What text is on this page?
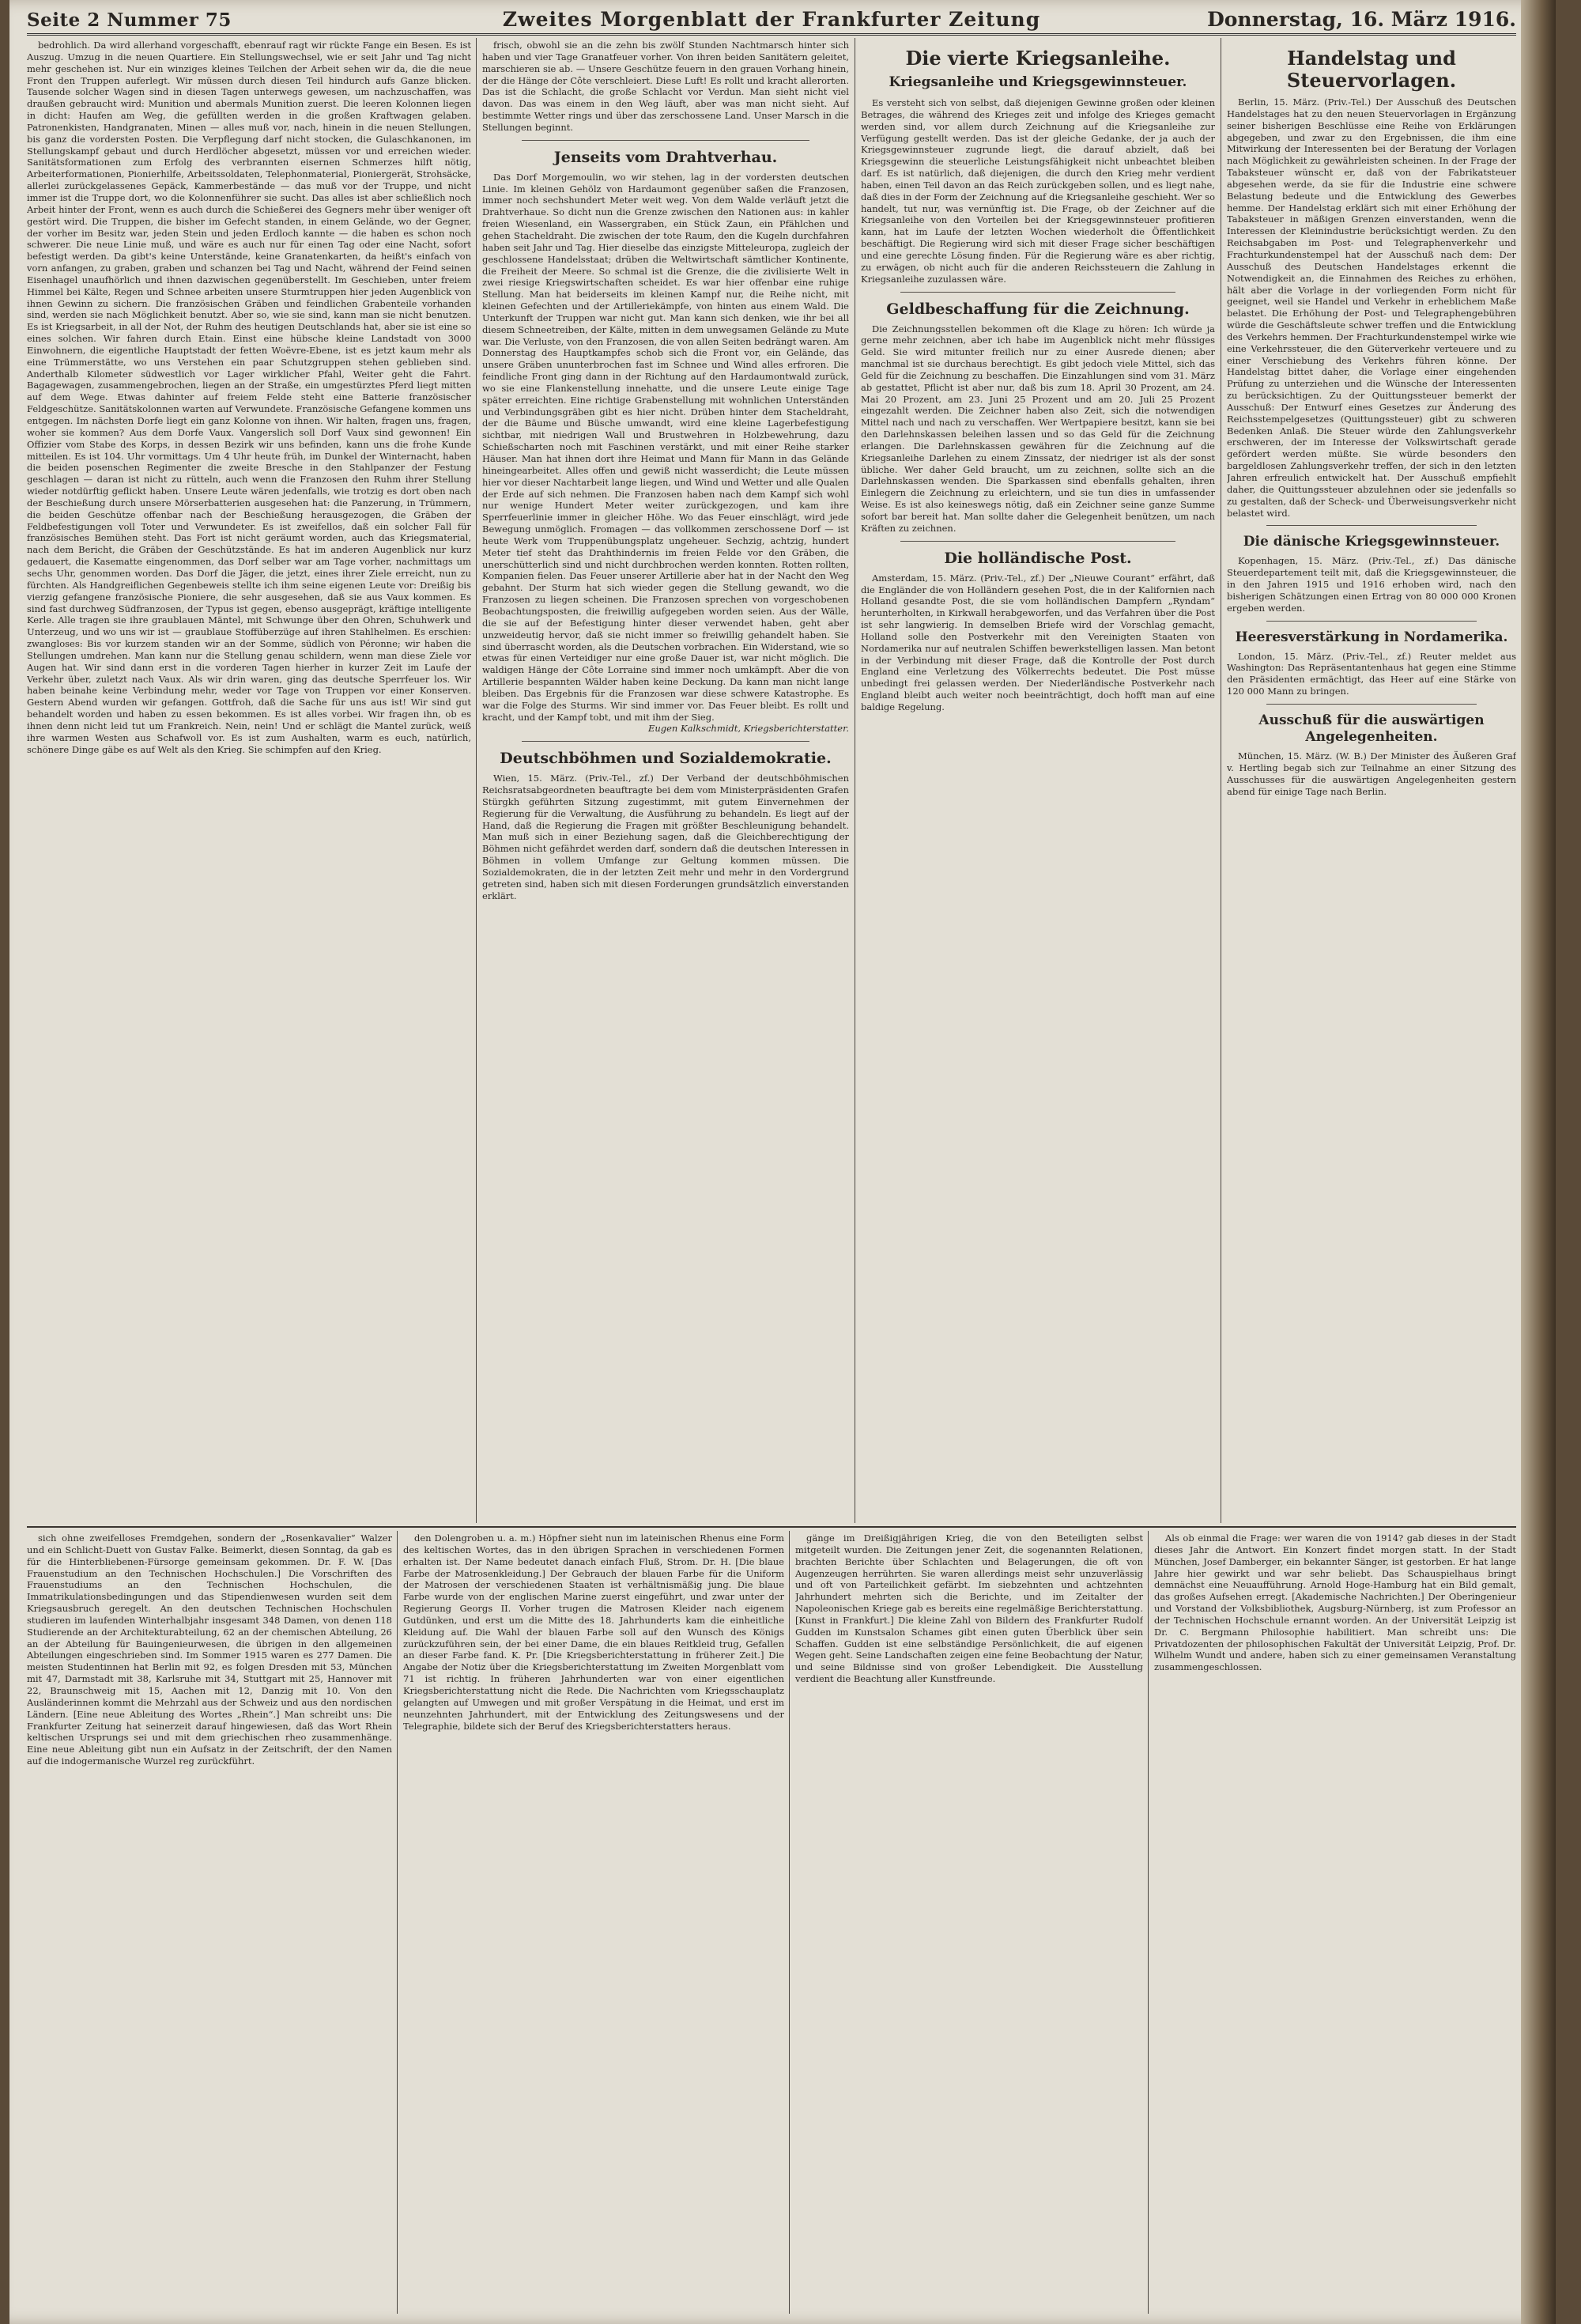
Seite 2 Nummer 75	Zweites Morgenblatt der Frankfurter Zeitung	Donnerstag, 16. März 1916.

bedrohlich. Da wird allerhand vorgeschafft, ebenrauf ragt wir rückte Fange ein Besen. Es ist Auszug. Umzug in die neuen Quartiere. Ein Stellungswechsel, wie er seit Jahr und Tag nicht mehr geschehen ist. Nur ein winziges kleines Teilchen der Arbeit sehen wir da, die die neue Front den Truppen auferlegt. Wir müssen durch diesen Teil hindurch aufs Ganze blicken. Tausende solcher Wagen sind in diesen Tagen unterwegs gewesen, um nachzuschaffen, was draußen gebraucht wird: Munition und abermals Munition zuerst. Die leeren Kolonnen liegen in dicht: Haufen am Weg, die gefüllten werden in die großen Kraftwagen gelaben. Patronenkisten, Handgranaten, Minen — alles muß vor, nach, hinein in die neuen Stellungen, bis ganz die vordersten Posten. Die Verpflegung darf nicht stocken, die Gulaschkanonen, im Stellungskampf gebaut und durch Herdlöcher abgesetzt, müssen vor und erreichen wieder. Sanitätsformationen zum Erfolg des verbrannten eisernen Schmerzes hilft nötig, Arbeiterformationen, Pionierhilfe, Arbeitssoldaten, Telephonmaterial, Pioniergerät, Strohsäcke, allerlei zurückgelassenes Gepäck, Kammerbestände — das muß vor der Truppe, und nicht immer ist die Truppe dort, wo die Kolonnenführer sie sucht. Das alles ist aber schließlich noch Arbeit hinter der Front, wenn es auch durch die Schießerei des Gegners mehr über weniger oft gestört wird. Die Truppen, die bisher im Gefecht standen, in einem Gelände, wo der Gegner, der vorher im Besitz war, jeden Stein und jeden Erdloch kannte — die haben es schon noch schwerer. Die neue Linie muß, und wäre es auch nur für einen Tag oder eine Nacht, sofort befestigt werden. Da gibt's keine Unterstände, keine Granatenkarten, da heißt's einfach von vorn anfangen, zu graben, graben und schanzen bei Tag und Nacht, während der Feind seinen Eisenhagel unaufhörlich und ihnen dazwischen gegenüberstellt. Im Geschieben, unter freiem Himmel bei Kälte, Regen und Schnee arbeiten unsere Sturmtruppen hier jeden Augenblick von ihnen Gewinn zu sichern. Die französischen Gräben und feindlichen Grabenteile vorhanden sind, werden sie nach Möglichkeit benutzt. Aber so, wie sie sind, kann man sie nicht benutzen. Es ist Kriegsarbeit, in all der Not, der Ruhm des heutigen Deutschlands hat, aber sie ist eine so eines solchen. Wir fahren durch Etain. Einst eine hübsche kleine Landstadt von 3000 Einwohnern, die eigentliche Hauptstadt der fetten Woëvre-Ebene, ist es jetzt kaum mehr als eine Trümmerstätte, wo uns Verstehen ein paar Schutzgruppen stehen geblieben sind. Anderthalb Kilometer südwestlich vor Lager wirklicher Pfahl, Weiter geht die Fahrt. Bagagewagen, zusammengebrochen, liegen an der Straße, ein umgestürztes Pferd liegt mitten auf dem Wege. Etwas dahinter auf freiem Felde steht eine Batterie französischer Feldgeschütze. Sanitätskolonnen warten auf Verwundete. Französische Gefangene kommen uns entgegen. Im nächsten Dorfe liegt ein ganz Kolonne von ihnen. Wir halten, fragen uns, fragen, woher sie kommen? Aus dem Dorfe Vaux. Vangerslich soll Dorf Vaux sind gewonnen! Ein Offizier vom Stabe des Korps, in dessen Bezirk wir uns befinden, kann uns die frohe Kunde mitteilen. Es ist 104. Uhr vormittags. Um 4 Uhr heute früh, im Dunkel der Winternacht, haben die beiden posenschen Regimenter die zweite Bresche in den Stahlpanzer der Festung geschlagen — daran ist nicht zu rütteln, auch wenn die Franzosen den Ruhm ihrer Stellung wieder notdürftig geflickt haben. Unsere Leute wären jedenfalls, wie trotzig es dort oben nach der Beschießung durch unsere Mörserbatterien ausgesehen hat: die Panzerung, in Trümmern, die beiden Geschütze offenbar nach der Beschießung herausgezogen, die Gräben der Feldbefestigungen voll Toter und Verwundeter. Es ist zweifellos, daß ein solcher Fall für französisches Bemühen steht. Das Fort ist nicht geräumt worden, auch das Kriegsmaterial, nach dem Bericht, die Gräben der Geschützstände. Es hat im anderen Augenblick nur kurz gedauert, die Kasematte eingenommen, das Dorf selber war am Tage vorher, nachmittags um sechs Uhr, genommen worden. Das Dorf die Jäger, die jetzt, eines ihrer Ziele erreicht, nun zu fürchten. Als Handgreiflichen Gegenbeweis stellte ich ihm seine eigenen Leute vor: Dreißig bis vierzig gefangene französische Pioniere, die sehr ausgesehen, daß sie aus Vaux kommen. Es sind fast durchweg Südfranzosen, der Typus ist gegen, ebenso ausgeprägt, kräftige intelligente Kerle. Alle tragen sie ihre graublauen Mäntel, mit Schwunge über den Ohren, Schuhwerk und Unterzeug, und wo uns wir ist — graublaue Stoffüberzüge auf ihren Stahlhelmen. Es erschien: zwangloses: Bis vor kurzem standen wir an der Somme, südlich von Péronne; wir haben die Stellungen umdrehen. Man kann nur die Stellung genau schildern, wenn man diese Ziele vor Augen hat. Wir sind dann erst in die vorderen Tagen hierher in kurzer Zeit im Laufe der Verkehr über, zuletzt nach Vaux. Als wir drin waren, ging das deutsche Sperrfeuer los. Wir haben beinahe keine Verbindung mehr, weder vor Tage von Truppen vor einer Konserven. Gestern Abend wurden wir gefangen. Gottfroh, daß die Sache für uns aus ist! Wir sind gut behandelt worden und haben zu essen bekommen. Es ist alles vorbei. Wir fragen ihn, ob es ihnen denn nicht leid tut um Frankreich. Nein, nein! Und er schlägt die Mantel zurück, weiß ihre warmen Westen aus Schafwoll vor. Es ist zum Aushalten, warm es euch, natürlich, schönere Dinge gäbe es auf Welt als den Krieg. Sie schimpfen auf den Krieg.

frisch, obwohl sie an die zehn bis zwölf Stunden Nachtmarsch hinter sich haben und vier Tage Granatfeuer vorher. Von ihren beiden Sanitätern geleitet, marschieren sie ab. — Unsere Geschütze feuern in den grauen Vorhang hinein, der die Hänge der Côte verschleiert. Diese Luft! Es rollt und kracht allerorten. Das ist die Schlacht, die große Schlacht vor Verdun. Man sieht nicht viel davon. Das was einem in den Weg läuft, aber was man nicht sieht. Auf bestimmte Wetter rings und über das zerschossene Land. Unser Marsch in die Stellungen beginnt.

Jenseits vom Drahtverhau.

Das Dorf Morgemoulin, wo wir stehen, lag in der vordersten deutschen Linie. Im kleinen Gehölz von Hardaumont gegenüber saßen die Franzosen, immer noch sechshundert Meter weit weg. Von dem Walde verläuft jetzt die Drahtverhaue. So dicht nun die Grenze zwischen den Nationen aus: in kahler freien Wiesenland, ein Wassergraben, ein Stück Zaun, ein Pfählchen und gehen Stacheldraht. Die zwischen der tote Raum, den die Kugeln durchfahren haben seit Jahr und Tag. Hier dieselbe das einzigste Mitteleuropa, zugleich der geschlossene Handelsstaat; drüben die Weltwirtschaft sämtlicher Kontinente, die Freiheit der Meere. So schmal ist die Grenze, die die zivilisierte Welt in zwei riesige Kriegswirtschaften scheidet. Es war hier offenbar eine ruhige Stellung. Man hat beiderseits im kleinen Kampf nur, die Reihe nicht, mit kleinen Gefechten und der Artilleriekämpfe, von hinten aus einem Wald. Die Unterkunft der Truppen war nicht gut. Man kann sich denken, wie ihr bei all diesem Schneetreiben, der Kälte, mitten in dem unwegsamen Gelände zu Mute war. Die Verluste, von den Franzosen, die von allen Seiten bedrängt waren. Am Donnerstag des Hauptkampfes schob sich die Front vor, ein Gelände, das unsere Gräben ununterbrochen fast im Schnee und Wind alles erfroren. Die feindliche Front ging dann in der Richtung auf den Hardaumontwald zurück, wo sie eine Flankenstellung innehatte, und die unsere Leute einige Tage später erreichten. Eine richtige Grabenstellung mit wohnlichen Unterständen und Verbindungsgräben gibt es hier nicht. Drüben hinter dem Stacheldraht, der die Bäume und Büsche umwandt, wird eine kleine Lagerbefestigung sichtbar, mit niedrigen Wall und Brustwehren in Holzbewehrung, dazu Schießscharten noch mit Faschinen verstärkt, und mit einer Reihe starker Häuser. Man hat ihnen dort ihre Heimat und Mann für Mann in das Gelände hineingearbeitet. Alles offen und gewiß nicht wasserdicht; die Leute müssen hier vor dieser Nachtarbeit lange liegen, und Wind und Wetter und alle Qualen der Erde auf sich nehmen. Die Franzosen haben nach dem Kampf sich wohl nur wenige Hundert Meter weiter zurückgezogen, und kam ihre Sperrfeuerlinie immer in gleicher Höhe. Wo das Feuer einschlägt, wird jede Bewegung unmöglich. Fromagen — das vollkommen zerschossene Dorf — ist heute Werk vom Truppenübungsplatz ungeheuer. Sechzig, achtzig, hundert Meter tief steht das Drahthindernis im freien Felde vor den Gräben, die unerschütterlich sind und nicht durchbrochen werden konnten. Rotten rollten, Kompanien fielen. Das Feuer unserer Artillerie aber hat in der Nacht den Weg gebahnt. Der Sturm hat sich wieder gegen die Stellung gewandt, wo die Franzosen zu liegen scheinen. Die Franzosen sprechen von vorgeschobenen Beobachtungsposten, die freiwillig aufgegeben worden seien. Aus der Wälle, die sie auf der Befestigung hinter dieser verwendet haben, geht aber unzweideutig hervor, daß sie nicht immer so freiwillig gehandelt haben. Sie sind überrascht worden, als die Deutschen vorbrachen. Ein Widerstand, wie so etwas für einen Verteidiger nur eine große Dauer ist, war nicht möglich. Die waldigen Hänge der Côte Lorraine sind immer noch umkämpft. Aber die von Artillerie bespannten Wälder haben keine Deckung. Da kann man nicht lange bleiben. Das Ergebnis für die Franzosen war diese schwere Katastrophe. Es war die Folge des Sturms. Wir sind immer vor. Das Feuer bleibt. Es rollt und kracht, und der Kampf tobt, und mit ihm der Sieg.

Eugen Kalkschmidt, Kriegsberichterstatter.

Deutschböhmen und Sozialdemokratie.

Wien, 15. März. (Priv.-Tel., zf.) Der Verband der deutschböhmischen Reichsratsabgeordneten beauftragte bei dem vom Ministerpräsidenten Grafen Stürgkh geführten Sitzung zugestimmt, mit gutem Einvernehmen der Regierung für die Verwaltung, die Ausführung zu behandeln. Es liegt auf der Hand, daß die Regierung die Fragen mit größter Beschleunigung behandelt. Man muß sich in einer Beziehung sagen, daß die Gleichberechtigung der Böhmen nicht gefährdet werden darf, sondern daß die deutschen Interessen in Böhmen in vollem Umfange zur Geltung kommen müssen. Die Sozialdemokraten, die in der letzten Zeit mehr und mehr in den Vordergrund getreten sind, haben sich mit diesen Forderungen grundsätzlich einverstanden erklärt.

Die vierte Kriegsanleihe.
Kriegsanleihe und Kriegsgewinnsteuer.

Es versteht sich von selbst, daß diejenigen Gewinne großen oder kleinen Betrages, die während des Krieges zeit und infolge des Krieges gemacht werden sind, vor allem durch Zeichnung auf die Kriegsanleihe zur Verfügung gestellt werden. Das ist der gleiche Gedanke, der ja auch der Kriegsgewinnsteuer zugrunde liegt, die darauf abzielt, daß bei Kriegsgewinn die steuerliche Leistungsfähigkeit nicht unbeachtet bleiben darf. Es ist natürlich, daß diejenigen, die durch den Krieg mehr verdient haben, einen Teil davon an das Reich zurückgeben sollen, und es liegt nahe, daß dies in der Form der Zeichnung auf die Kriegsanleihe geschieht. Wer so handelt, tut nur, was vernünftig ist. Die Frage, ob der Zeichner auf die Kriegsanleihe von den Vorteilen bei der Kriegsgewinnsteuer profitieren kann, hat im Laufe der letzten Wochen wiederholt die Öffentlichkeit beschäftigt. Die Regierung wird sich mit dieser Frage sicher beschäftigen und eine gerechte Lösung finden. Für die Regierung wäre es aber richtig, zu erwägen, ob nicht auch für die anderen Reichssteuern die Zahlung in Kriegsanleihe zuzulassen wäre.

Geldbeschaffung für die Zeichnung.

Die Zeichnungsstellen bekommen oft die Klage zu hören: Ich würde ja gerne mehr zeichnen, aber ich habe im Augenblick nicht mehr flüssiges Geld. Sie wird mitunter freilich nur zu einer Ausrede dienen; aber manchmal ist sie durchaus berechtigt. Es gibt jedoch viele Mittel, sich das Geld für die Zeichnung zu beschaffen. Die Einzahlungen sind vom 31. März ab gestattet, Pflicht ist aber nur, daß bis zum 18. April 30 Prozent, am 24. Mai 20 Prozent, am 23. Juni 25 Prozent und am 20. Juli 25 Prozent eingezahlt werden. Die Zeichner haben also Zeit, sich die notwendigen Mittel nach und nach zu verschaffen. Wer Wertpapiere besitzt, kann sie bei den Darlehnskassen beleihen lassen und so das Geld für die Zeichnung erlangen. Die Darlehnskassen gewähren für die Zeichnung auf die Kriegsanleihe Darlehen zu einem Zinssatz, der niedriger ist als der sonst übliche. Wer daher Geld braucht, um zu zeichnen, sollte sich an die Darlehnskassen wenden. Die Sparkassen sind ebenfalls gehalten, ihren Einlegern die Zeichnung zu erleichtern, und sie tun dies in umfassender Weise. Es ist also keineswegs nötig, daß ein Zeichner seine ganze Summe sofort bar bereit hat. Man sollte daher die Gelegenheit benützen, um nach Kräften zu zeichnen.

Die holländische Post.

Amsterdam, 15. März. (Priv.-Tel., zf.) Der „Nieuwe Courant“ erfährt, daß die Engländer die von Holländern gesehen Post, die in der Kalifornien nach Holland gesandte Post, die sie vom holländischen Dampfern „Ryndam“ herunterholten, in Kirkwall herabgeworfen, und das Verfahren über die Post ist sehr langwierig. In demselben Briefe wird der Vorschlag gemacht, Holland solle den Postverkehr mit den Vereinigten Staaten von Nordamerika nur auf neutralen Schiffen bewerkstelligen lassen. Man betont in der Verbindung mit dieser Frage, daß die Kontrolle der Post durch England eine Verletzung des Völkerrechts bedeutet. Die Post müsse unbedingt frei gelassen werden. Der Niederländische Postverkehr nach England bleibt auch weiter noch beeinträchtigt, doch hofft man auf eine baldige Regelung.

Handelstag und Steuervorlagen.

Berlin, 15. März. (Priv.-Tel.) Der Ausschuß des Deutschen Handelstages hat zu den neuen Steuervorlagen in Ergänzung seiner bisherigen Beschlüsse eine Reihe von Erklärungen abgegeben, und zwar zu den Ergebnissen, die ihm eine Mitwirkung der Interessenten bei der Beratung der Vorlagen nach Möglichkeit zu gewährleisten scheinen. In der Frage der Tabaksteuer wünscht er, daß von der Fabrikatsteuer abgesehen werde, da sie für die Industrie eine schwere Belastung bedeute und die Entwicklung des Gewerbes hemme. Der Handelstag erklärt sich mit einer Erhöhung der Tabaksteuer in mäßigen Grenzen einverstanden, wenn die Interessen der Kleinindustrie berücksichtigt werden. Zu den Reichsabgaben im Post- und Telegraphenverkehr und Frachturkundenstempel hat der Ausschuß nach dem: Der Ausschuß des Deutschen Handelstages erkennt die Notwendigkeit an, die Einnahmen des Reiches zu erhöhen, hält aber die Vorlage in der vorliegenden Form nicht für geeignet, weil sie Handel und Verkehr in erheblichem Maße belastet. Die Erhöhung der Post- und Telegraphengebühren würde die Geschäftsleute schwer treffen und die Entwicklung des Verkehrs hemmen. Der Frachturkundenstempel wirke wie eine Verkehrssteuer, die den Güterverkehr verteuere und zu einer Verschiebung des Verkehrs führen könne. Der Handelstag bittet daher, die Vorlage einer eingehenden Prüfung zu unterziehen und die Wünsche der Interessenten zu berücksichtigen. Zu der Quittungssteuer bemerkt der Ausschuß: Der Entwurf eines Gesetzes zur Änderung des Reichsstempelgesetzes (Quittungssteuer) gibt zu schweren Bedenken Anlaß. Die Steuer würde den Zahlungsverkehr erschweren, der im Interesse der Volkswirtschaft gerade gefördert werden müßte. Sie würde besonders den bargeldlosen Zahlungsverkehr treffen, der sich in den letzten Jahren erfreulich entwickelt hat. Der Ausschuß empfiehlt daher, die Quittungssteuer abzulehnen oder sie jedenfalls so zu gestalten, daß der Scheck- und Überweisungsverkehr nicht belastet wird.

Die dänische Kriegsgewinnsteuer.

Kopenhagen, 15. März. (Priv.-Tel., zf.) Das dänische Steuerdepartement teilt mit, daß die Kriegsgewinnsteuer, die in den Jahren 1915 und 1916 erhoben wird, nach den bisherigen Schätzungen einen Ertrag von 80 000 000 Kronen ergeben werden.

Heeresverstärkung in Nordamerika.

London, 15. März. (Priv.-Tel., zf.) Reuter meldet aus Washington: Das Repräsentantenhaus hat gegen eine Stimme den Präsidenten ermächtigt, das Heer auf eine Stärke von 120 000 Mann zu bringen.

Ausschuß für die auswärtigen Angelegenheiten.

München, 15. März. (W. B.) Der Minister des Äußeren Graf v. Hertling begab sich zur Teilnahme an einer Sitzung des Ausschusses für die auswärtigen Angelegenheiten gestern abend für einige Tage nach Berlin.

sich ohne zweifelloses Fremdgehen, sondern der „Rosenkavalier“ Walzer und ein Schlicht-Duett von Gustav Falke. Beimerkt, diesen Sonntag, da gab es für die Hinterbliebenen-Fürsorge gemeinsam gekommen. Dr. F. W. [Das Frauenstudium an den Technischen Hochschulen.] Die Vorschriften des Frauenstudiums an den Technischen Hochschulen, die Immatrikulationsbedingungen und das Stipendienwesen wurden seit dem Kriegsausbruch geregelt. An den deutschen Technischen Hochschulen studieren im laufenden Winterhalbjahr insgesamt 348 Damen, von denen 118 Studierende an der Architekturabteilung, 62 an der chemischen Abteilung, 26 an der Abteilung für Bauingenieurwesen, die übrigen in den allgemeinen Abteilungen eingeschrieben sind. Im Sommer 1915 waren es 277 Damen. Die meisten Studentinnen hat Berlin mit 92, es folgen Dresden mit 53, München mit 47, Darmstadt mit 38, Karlsruhe mit 34, Stuttgart mit 25, Hannover mit 22, Braunschweig mit 15, Aachen mit 12, Danzig mit 10. Von den Ausländerinnen kommt die Mehrzahl aus der Schweiz und aus den nordischen Ländern. [Eine neue Ableitung des Wortes „Rhein“.] Man schreibt uns: Die Frankfurter Zeitung hat seinerzeit darauf hingewiesen, daß das Wort Rhein keltischen Ursprungs sei und mit dem griechischen rheo zusammenhänge. Eine neue Ableitung gibt nun ein Aufsatz in der Zeitschrift, der den Namen auf die indogermanische Wurzel reg zurückführt.

den Dolengroben u. a. m.) Höpfner sieht nun im lateinischen Rhenus eine Form des keltischen Wortes, das in den übrigen Sprachen in verschiedenen Formen erhalten ist. Der Name bedeutet danach einfach Fluß, Strom. Dr. H. [Die blaue Farbe der Matrosenkleidung.] Der Gebrauch der blauen Farbe für die Uniform der Matrosen der verschiedenen Staaten ist verhältnismäßig jung. Die blaue Farbe wurde von der englischen Marine zuerst eingeführt, und zwar unter der Regierung Georgs II. Vorher trugen die Matrosen Kleider nach eigenem Gutdünken, und erst um die Mitte des 18. Jahrhunderts kam die einheitliche Kleidung auf. Die Wahl der blauen Farbe soll auf den Wunsch des Königs zurückzuführen sein, der bei einer Dame, die ein blaues Reitkleid trug, Gefallen an dieser Farbe fand. K. Pr. [Die Kriegsberichterstattung in früherer Zeit.] Die Angabe der Notiz über die Kriegsberichterstattung im Zweiten Morgenblatt vom 71 ist richtig. In früheren Jahrhunderten war von einer eigentlichen Kriegsberichterstattung nicht die Rede. Die Nachrichten vom Kriegsschauplatz gelangten auf Umwegen und mit großer Verspätung in die Heimat, und erst im neunzehnten Jahrhundert, mit der Entwicklung des Zeitungswesens und der Telegraphie, bildete sich der Beruf des Kriegsberichterstatters heraus.

gänge im Dreißigjährigen Krieg, die von den Beteiligten selbst mitgeteilt wurden. Die Zeitungen jener Zeit, die sogenannten Relationen, brachten Berichte über Schlachten und Belagerungen, die oft von Augenzeugen herrührten. Sie waren allerdings meist sehr unzuverlässig und oft von Parteilichkeit gefärbt. Im siebzehnten und achtzehnten Jahrhundert mehrten sich die Berichte, und im Zeitalter der Napoleonischen Kriege gab es bereits eine regelmäßige Berichterstattung. [Kunst in Frankfurt.] Die kleine Zahl von Bildern des Frankfurter Rudolf Gudden im Kunstsalon Schames gibt einen guten Überblick über sein Schaffen. Gudden ist eine selbständige Persönlichkeit, die auf eigenen Wegen geht. Seine Landschaften zeigen eine feine Beobachtung der Natur, und seine Bildnisse sind von großer Lebendigkeit. Die Ausstellung verdient die Beachtung aller Kunstfreunde.

Als ob einmal die Frage: wer waren die von 1914? gab dieses in der Stadt dieses Jahr die Antwort. Ein Konzert findet morgen statt. In der Stadt München, Josef Damberger, ein bekannter Sänger, ist gestorben. Er hat lange Jahre hier gewirkt und war sehr beliebt. Das Schauspielhaus bringt demnächst eine Neuaufführung. Arnold Hoge-Hamburg hat ein Bild gemalt, das großes Aufsehen erregt. [Akademische Nachrichten.] Der Oberingenieur und Vorstand der Volksbibliothek, Augsburg-Nürnberg, ist zum Professor an der Technischen Hochschule ernannt worden. An der Universität Leipzig ist Dr. C. Bergmann Philosophie habilitiert. Man schreibt uns: Die Privatdozenten der philosophischen Fakultät der Universität Leipzig, Prof. Dr. Wilhelm Wundt und andere, haben sich zu einer gemeinsamen Veranstaltung zusammengeschlossen.
